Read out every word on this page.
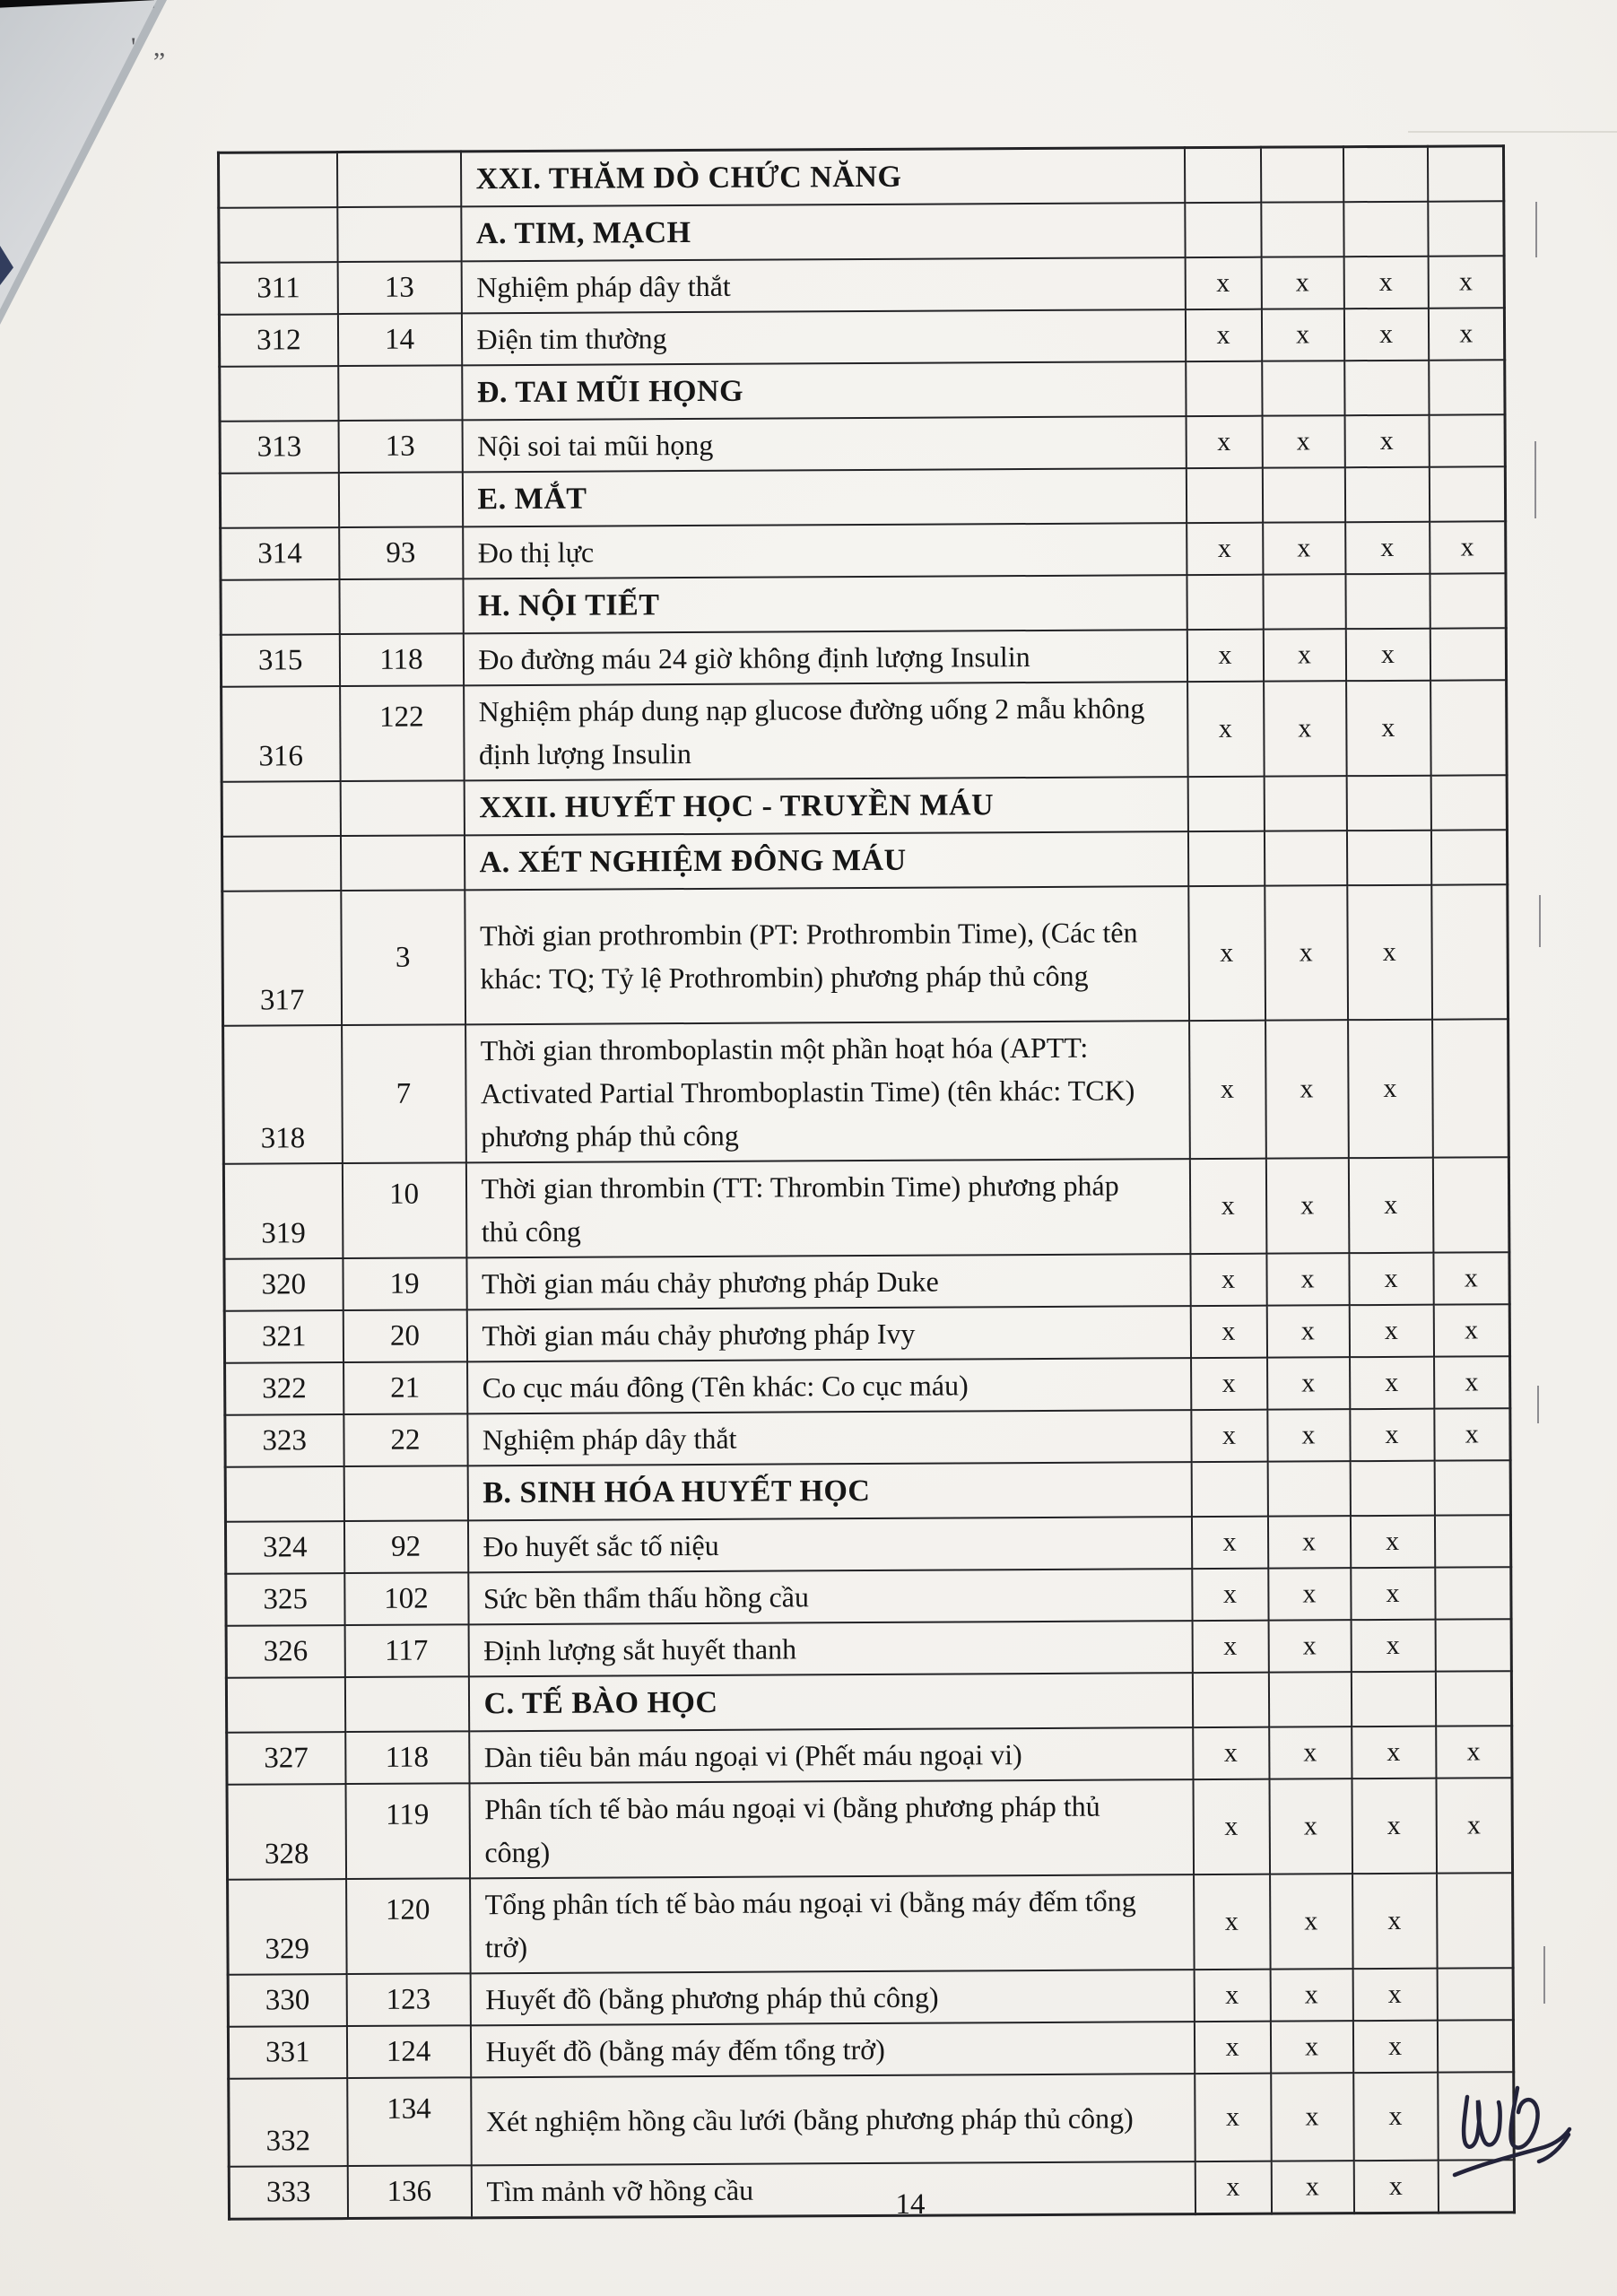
' „
		XXI. THĂM DÒ CHỨC NĂNG				
		A. TIM, MẠCH				
311	13	Nghiệm pháp dây thắt	x	x	x	x
312	14	Điện tim thường	x	x	x	x
		Đ. TAI MŨI HỌNG				
313	13	Nội soi tai mũi họng	x	x	x	
		E. MẮT				
314	93	Đo thị lực	x	x	x	x
		H. NỘI TIẾT				
315	118	Đo đường máu 24 giờ không định lượng Insulin	x	x	x	
316	122	Nghiệm pháp dung nạp glucose đường uống 2 mẫu không định lượng Insulin	x	x	x	
		XXII. HUYẾT HỌC - TRUYỀN MÁU				
		A. XÉT NGHIỆM ĐÔNG MÁU				
317	3	Thời gian prothrombin (PT: Prothrombin Time), (Các tên khác: TQ; Tỷ lệ Prothrombin) phương pháp thủ công	x	x	x	
318	7	Thời gian thromboplastin một phần hoạt hóa (APTT: Activated Partial Thromboplastin Time) (tên khác: TCK) phương pháp thủ công	x	x	x	
319	10	Thời gian thrombin (TT: Thrombin Time) phương pháp thủ công	x	x	x	
320	19	Thời gian máu chảy phương pháp Duke	x	x	x	x
321	20	Thời gian máu chảy phương pháp Ivy	x	x	x	x
322	21	Co cục máu đông (Tên khác: Co cục máu)	x	x	x	x
323	22	Nghiệm pháp dây thắt	x	x	x	x
		B. SINH HÓA HUYẾT HỌC				
324	92	Đo huyết sắc tố niệu	x	x	x	
325	102	Sức bền thẩm thấu hồng cầu	x	x	x	
326	117	Định lượng sắt huyết thanh	x	x	x	
		C. TẾ BÀO HỌC				
327	118	Dàn tiêu bản máu ngoại vi (Phết máu ngoại vi)	x	x	x	x
328	119	Phân tích tế bào máu ngoại vi (bằng phương pháp thủ công)	x	x	x	x
329	120	Tổng phân tích tế bào máu ngoại vi (bằng máy đếm tổng trở)	x	x	x	
330	123	Huyết đồ (bằng phương pháp thủ công)	x	x	x	
331	124	Huyết đồ (bằng máy đếm tổng trở)	x	x	x	
332	134	Xét nghiệm hồng cầu lưới (bằng phương pháp thủ công)	x	x	x	
333	136	Tìm mảnh vỡ hồng cầu	x	x	x	
14
